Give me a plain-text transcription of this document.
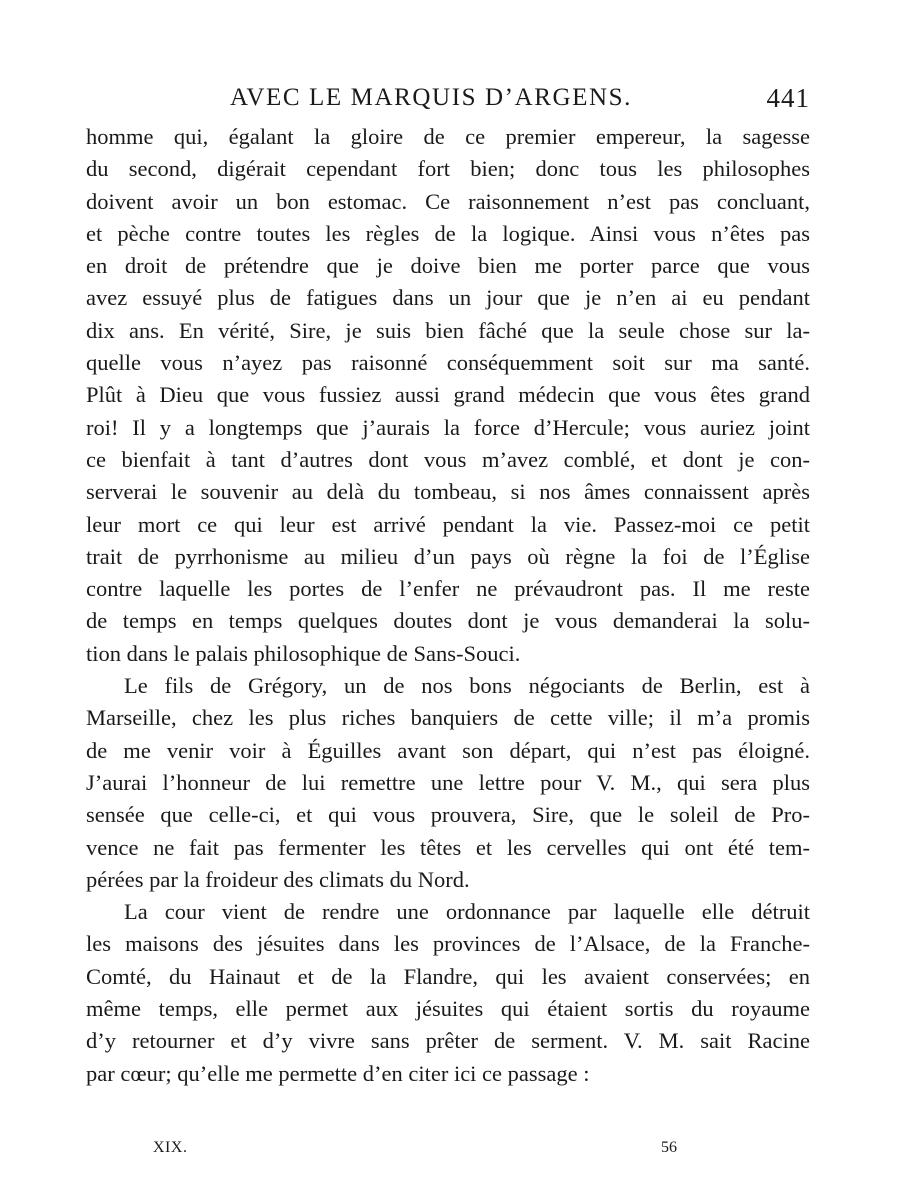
AVEC LE MARQUIS D’ARGENS.	441
homme qui, égalant la gloire de ce premier empereur, la sagesse
du second, digérait cependant fort bien; donc tous les philosophes
doivent avoir un bon estomac. Ce raisonnement n’est pas concluant,
et pèche contre toutes les règles de la logique. Ainsi vous n’êtes pas
en droit de prétendre que je doive bien me porter parce que vous
avez essuyé plus de fatigues dans un jour que je n’en ai eu pendant
dix ans. En vérité, Sire, je suis bien fâché que la seule chose sur la-
quelle vous n’ayez pas raisonné conséquemment soit sur ma santé.
Plût à Dieu que vous fussiez aussi grand médecin que vous êtes grand
roi! Il y a longtemps que j’aurais la force d’Hercule; vous auriez joint
ce bienfait à tant d’autres dont vous m’avez comblé, et dont je con-
serverai le souvenir au delà du tombeau, si nos âmes connaissent après
leur mort ce qui leur est arrivé pendant la vie. Passez-moi ce petit
trait de pyrrhonisme au milieu d’un pays où règne la foi de l’Église
contre laquelle les portes de l’enfer ne prévaudront pas. Il me reste
de temps en temps quelques doutes dont je vous demanderai la solu-
tion dans le palais philosophique de Sans-Souci.
Le fils de Grégory, un de nos bons négociants de Berlin, est à
Marseille, chez les plus riches banquiers de cette ville; il m’a promis
de me venir voir à Éguilles avant son départ, qui n’est pas éloigné.
J’aurai l’honneur de lui remettre une lettre pour V. M., qui sera plus
sensée que celle-ci, et qui vous prouvera, Sire, que le soleil de Pro-
vence ne fait pas fermenter les têtes et les cervelles qui ont été tem-
pérées par la froideur des climats du Nord.
La cour vient de rendre une ordonnance par laquelle elle détruit
les maisons des jésuites dans les provinces de l’Alsace, de la Franche-
Comté, du Hainaut et de la Flandre, qui les avaient conservées; en
même temps, elle permet aux jésuites qui étaient sortis du royaume
d’y retourner et d’y vivre sans prêter de serment. V. M. sait Racine
par cœur; qu’elle me permette d’en citer ici ce passage :
XIX.	56
